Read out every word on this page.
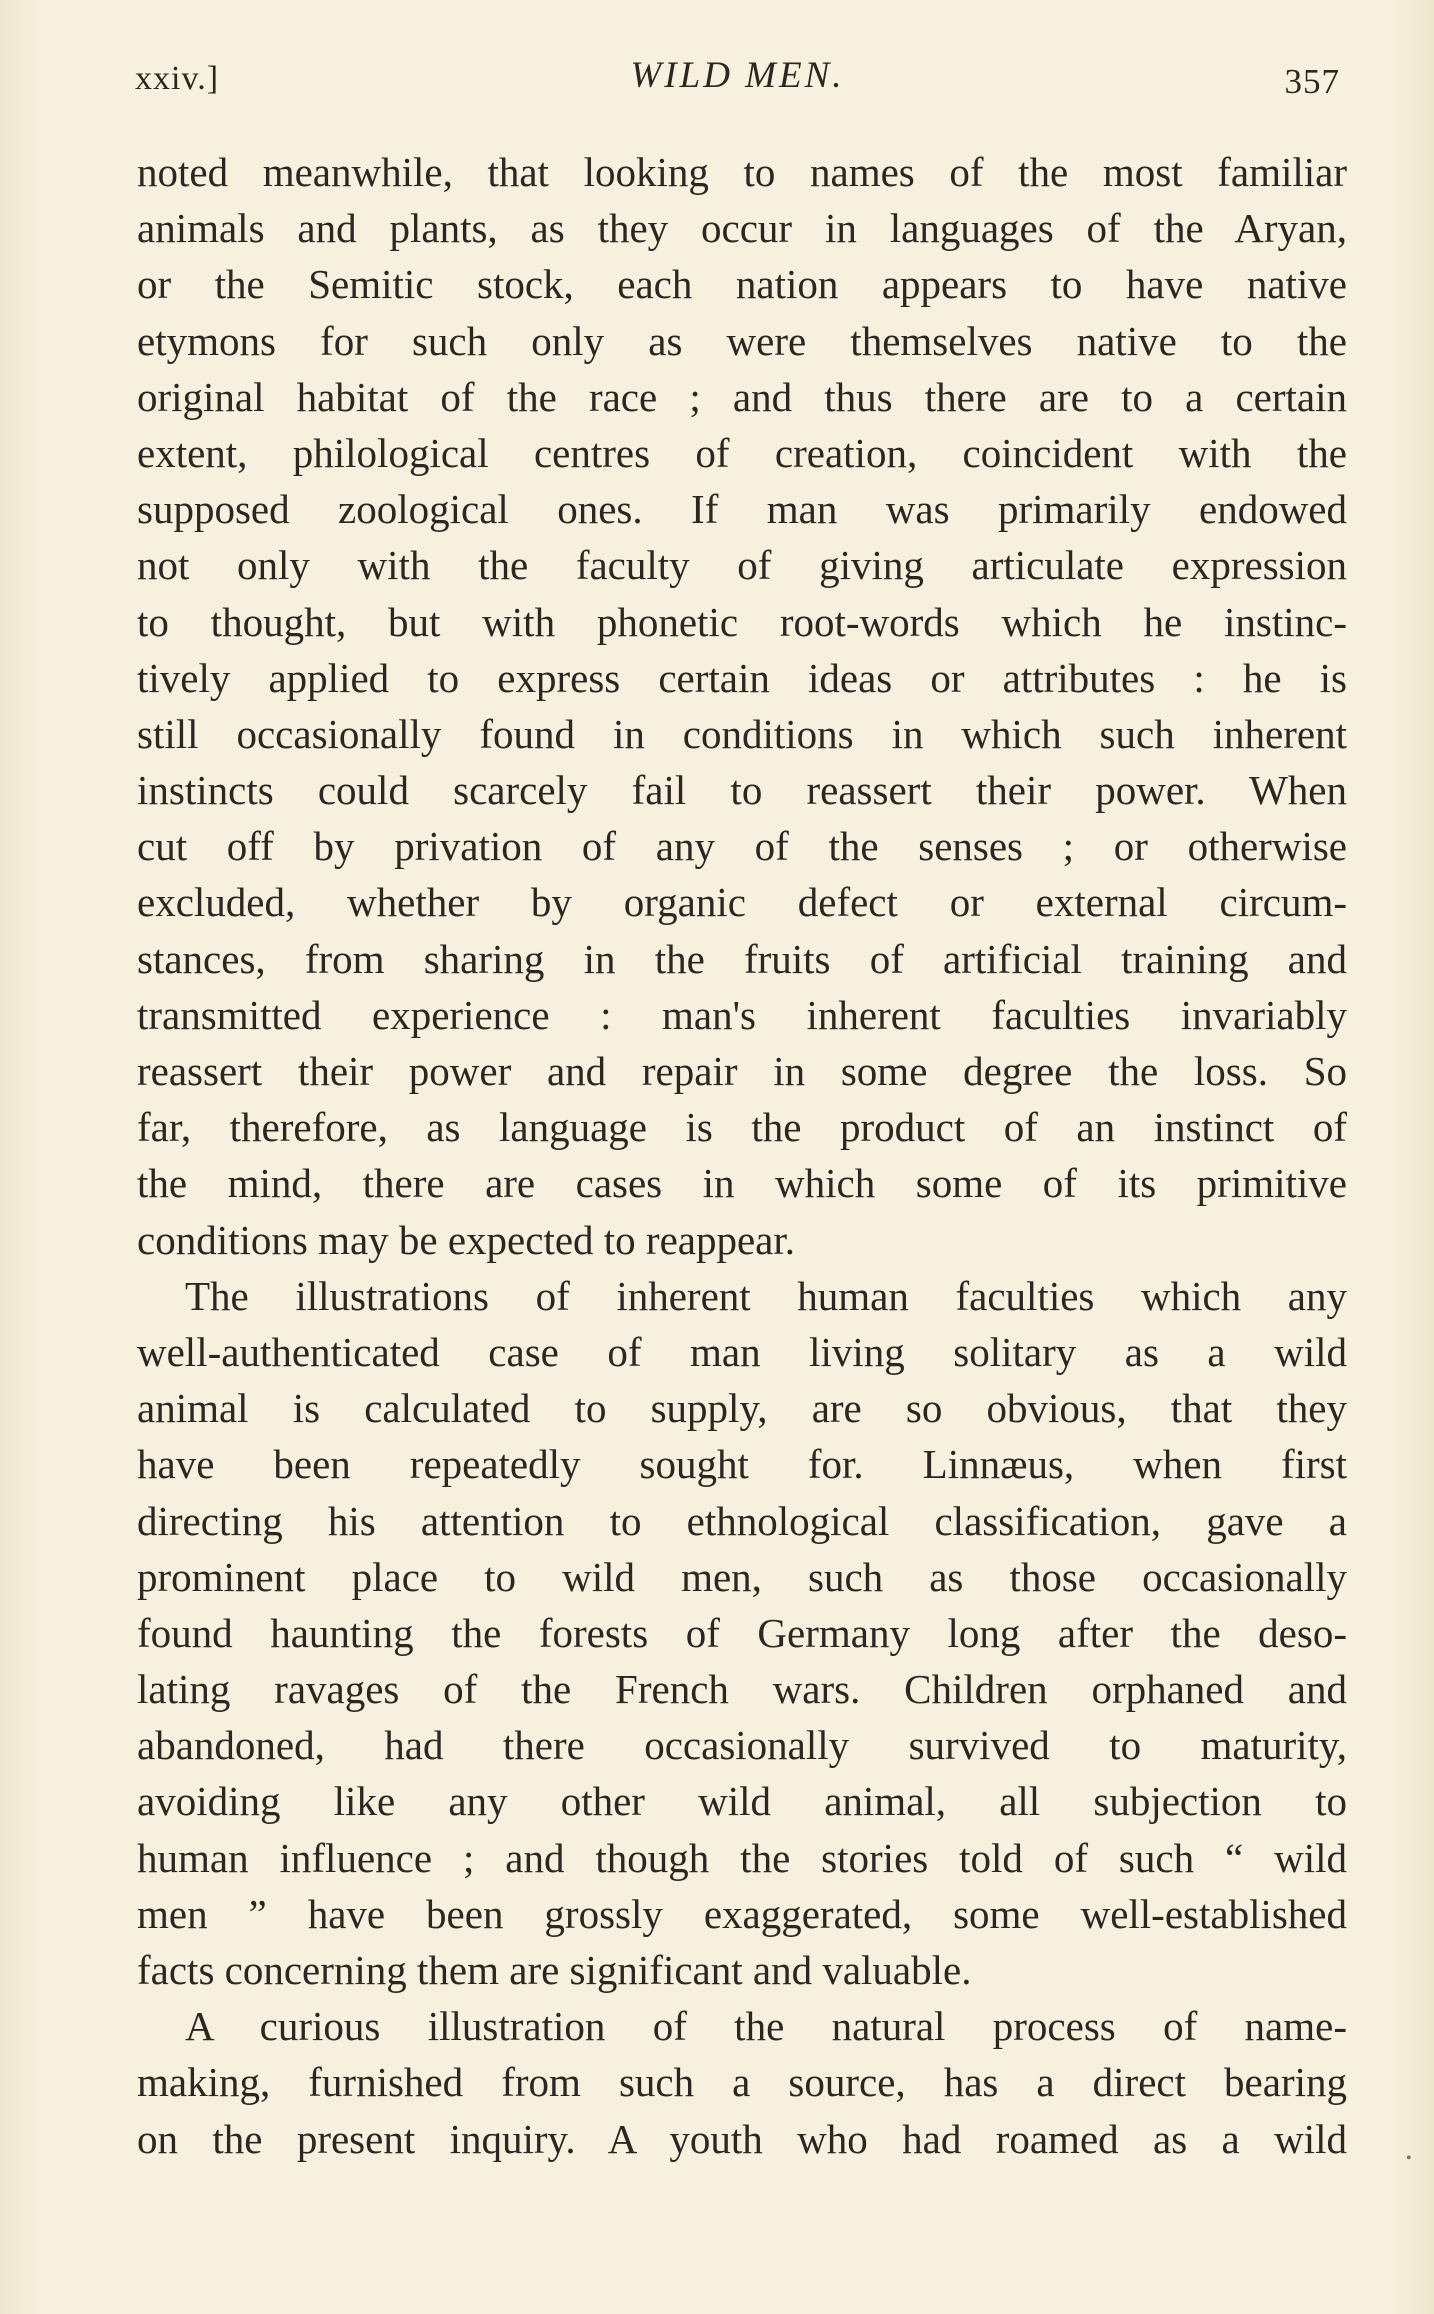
xxiv.]	WILD MEN.	357
noted meanwhile, that looking to names of the most familiar
animals and plants, as they occur in languages of the Aryan,
or the Semitic stock, each nation appears to have native
etymons for such only as were themselves native to the
original habitat of the race ; and thus there are to a certain
extent, philological centres of creation, coincident with the
supposed zoological ones. If man was primarily endowed
not only with the faculty of giving articulate expression
to thought, but with phonetic root-words which he instinc-
tively applied to express certain ideas or attributes : he is
still occasionally found in conditions in which such inherent
instincts could scarcely fail to reassert their power. When
cut off by privation of any of the senses ; or otherwise
excluded, whether by organic defect or external circum-
stances, from sharing in the fruits of artificial training and
transmitted experience : man's inherent faculties invariably
reassert their power and repair in some degree the loss. So
far, therefore, as language is the product of an instinct of
the mind, there are cases in which some of its primitive
conditions may be expected to reappear.
The illustrations of inherent human faculties which any
well-authenticated case of man living solitary as a wild
animal is calculated to supply, are so obvious, that they
have been repeatedly sought for. Linnæus, when first
directing his attention to ethnological classification, gave a
prominent place to wild men, such as those occasionally
found haunting the forests of Germany long after the deso-
lating ravages of the French wars. Children orphaned and
abandoned, had there occasionally survived to maturity,
avoiding like any other wild animal, all subjection to
human influence ; and though the stories told of such “ wild
men ” have been grossly exaggerated, some well-established
facts concerning them are significant and valuable.
A curious illustration of the natural process of name-
making, furnished from such a source, has a direct bearing
on the present inquiry. A youth who had roamed as a wild	•
